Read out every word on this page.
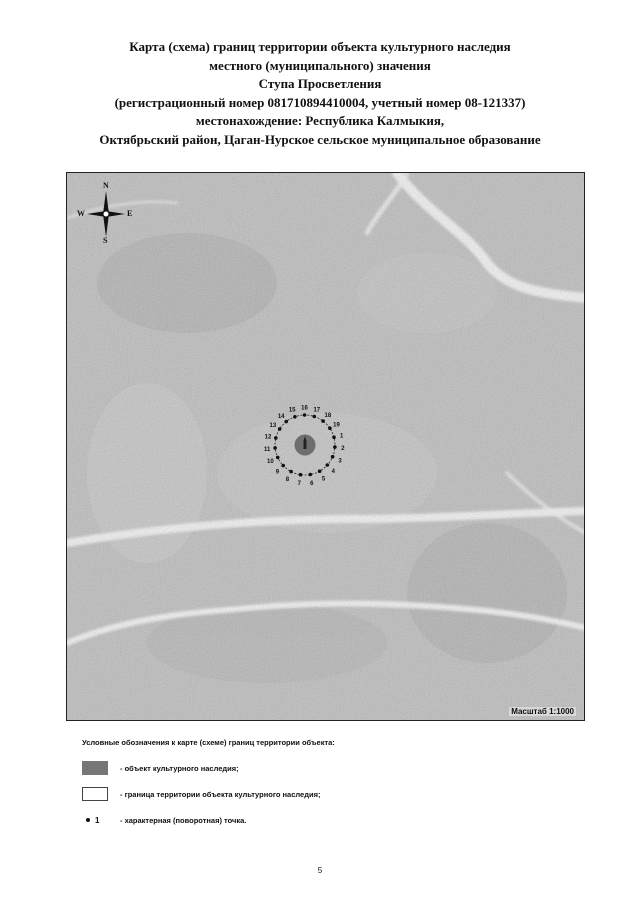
Карта (схема) границ территории объекта культурного наследия
местного (муниципального) значения
Ступа Просветления
(регистрационный номер 081710894410004, учетный номер 08-121337)
местонахождение: Республика Калмыкия,
Октябрьский район, Цаган-Нурское сельское муниципальное образование
1
2
3
4
5
6
7
8
9
10
11
12
13
14
15 16 17
18
19
N
S
W	E
Масштаб 1:1000
Условные обозначения к карте (схеме) границ территории объекта:
- объект культурного наследия;
- граница территории объекта культурного наследия;
1	- характерная (поворотная) точка.
5
